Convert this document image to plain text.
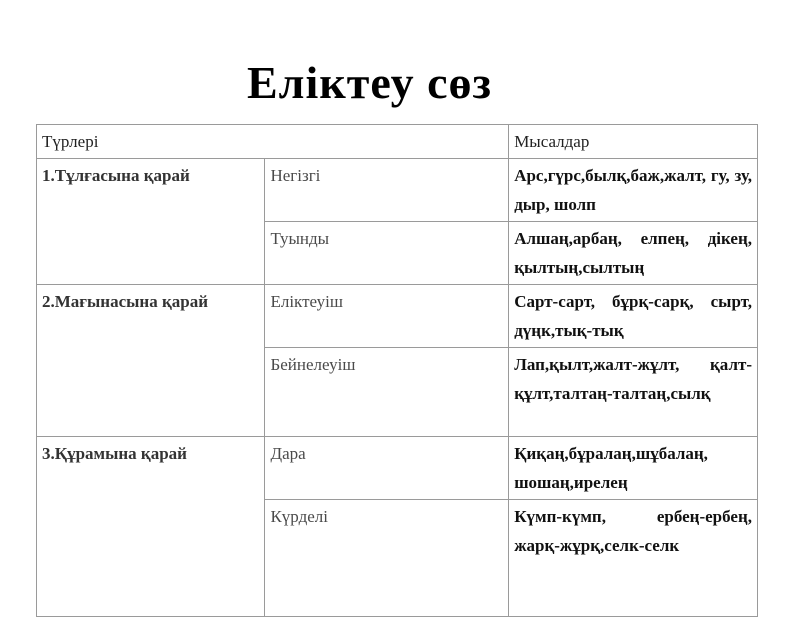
Еліктеу сөз
Түрлері		Мысалдар
1.Тұлғасына қарай	Негізгі	Арс,гүрс,былқ,баж,жалт, гу, зу, дыр, шолп
	Туынды	Алшаң,арбаң, елпең, дікең, қылтың,сылтың
2.Мағынасына қарай	Еліктеуіш	Сарт-сарт, бұрқ-сарқ, сырт, дүңк,тық-тық
	Бейнелеуіш	Лап,қылт,жалт-жұлт, қалт-құлт,талтаң-талтаң,сылқ
3.Құрамына қарай	Дара	Қиқаң,бұралаң,шұбалаң, шошаң,ирелең
	Күрделі	Күмп-күмп, ербең-ербең, жарқ-жұрқ,селк-селк
